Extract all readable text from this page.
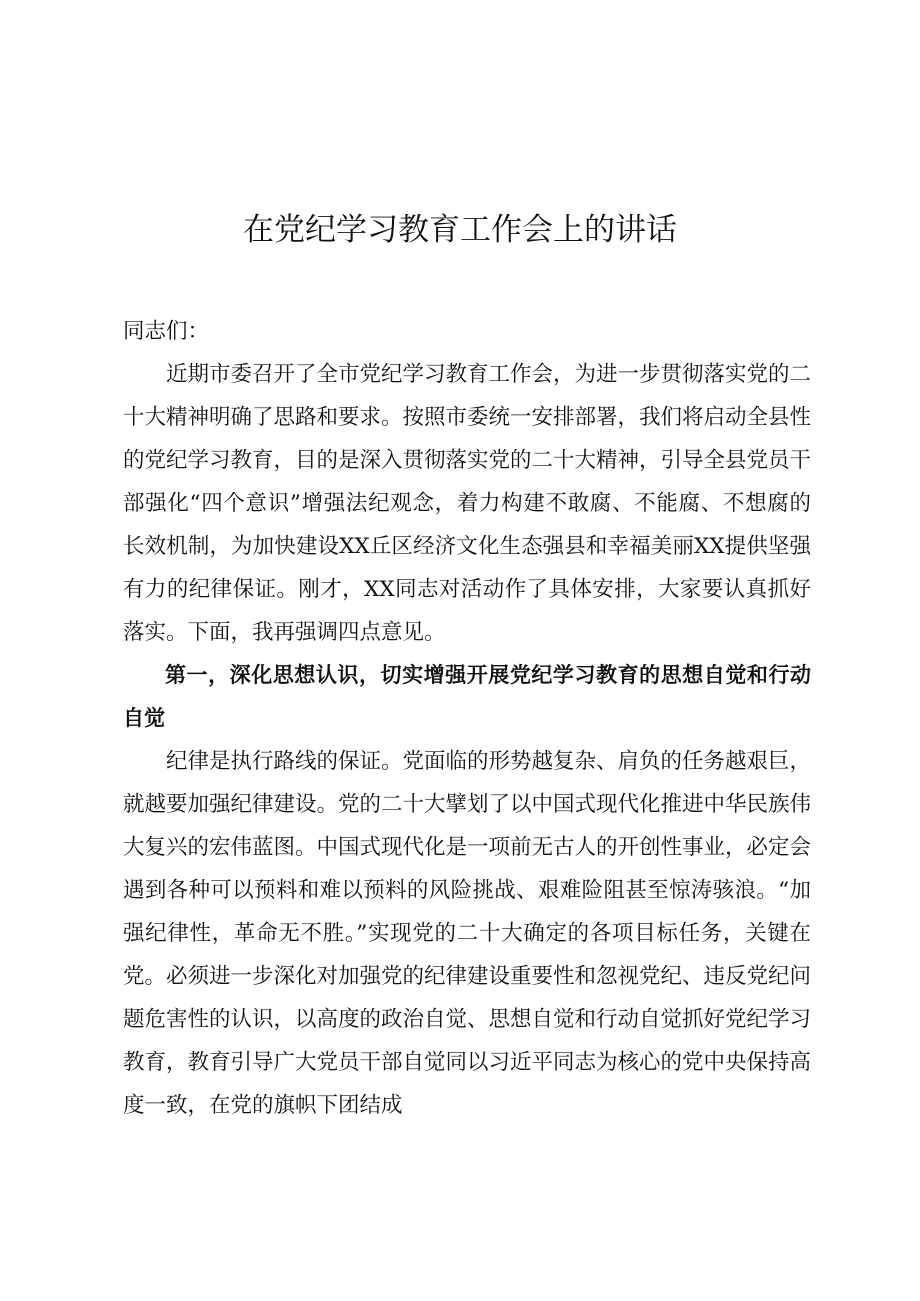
在党纪学习教育工作会上的讲话

同志们：

近期市委召开了全市党纪学习教育工作会，为进一步贯彻落实党的二十大精神明确了思路和要求。按照市委统一安排部署，我们将启动全县性的党纪学习教育，目的是深入贯彻落实党的二十大精神，引导全县党员干部强化“四个意识”增强法纪观念，着力构建不敢腐、不能腐、不想腐的长效机制，为加快建设XX丘区经济文化生态强县和幸福美丽XX提供坚强有力的纪律保证。刚才，XX同志对活动作了具体安排，大家要认真抓好落实。下面，我再强调四点意见。

第一，深化思想认识，切实增强开展党纪学习教育的思想自觉和行动自觉

纪律是执行路线的保证。党面临的形势越复杂、肩负的任务越艰巨，就越要加强纪律建设。党的二十大擘划了以中国式现代化推进中华民族伟大复兴的宏伟蓝图。中国式现代化是一项前无古人的开创性事业，必定会遇到各种可以预料和难以预料的风险挑战、艰难险阻甚至惊涛骇浪。“加强纪律性，革命无不胜。”实现党的二十大确定的各项目标任务，关键在党。必须进一步深化对加强党的纪律建设重要性和忽视党纪、违反党纪问题危害性的认识，以高度的政治自觉、思想自觉和行动自觉抓好党纪学习教育，教育引导广大党员干部自觉同以习近平同志为核心的党中央保持高度一致，在党的旗帜下团结成
